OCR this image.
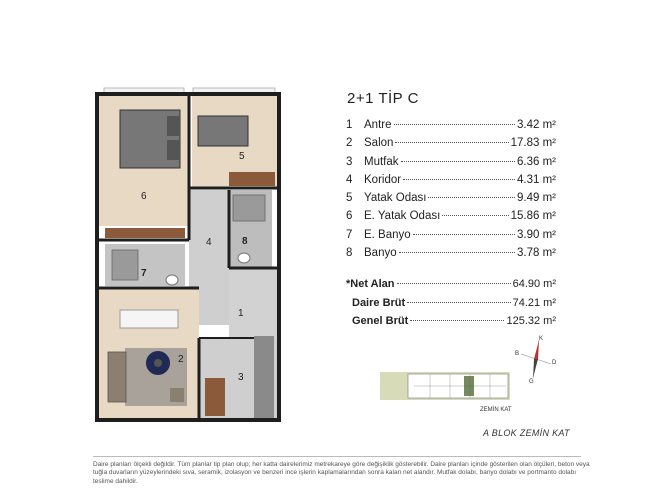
1
2
3
4
5
6
7
8
2+1 TİP C
1	Antre	3.42 m²
2	Salon	17.83 m²
3	Mutfak	6.36 m²
4	Koridor	4.31 m²
5	Yatak Odası	9.49 m²
6	E. Yatak Odası	15.86 m²
7	E. Banyo	3.90 m²
8	Banyo	3.78 m²
*Net Alan	64.90 m²
Daire Brüt	74.21 m²
Genel Brüt	125.32 m²
K
D
G
B
ZEMİN KAT
A BLOK ZEMİN KAT
Daire planları ölçekli değildir. Tüm planlar tip plan olup; her katta dairelerimiz metrekareye göre değişiklik gösterebilir. Daire planları içinde gösterilen olan ölçüleri, beton veya tuğla duvarların yüzeylerindeki sıva, seramik, izolasyon ve benzeri ince işlerin kaplamalarından sonra kalan net alandır. Mutfak dolabı, banyo dolabı ve portmanto dolabı teslime dahildir.
